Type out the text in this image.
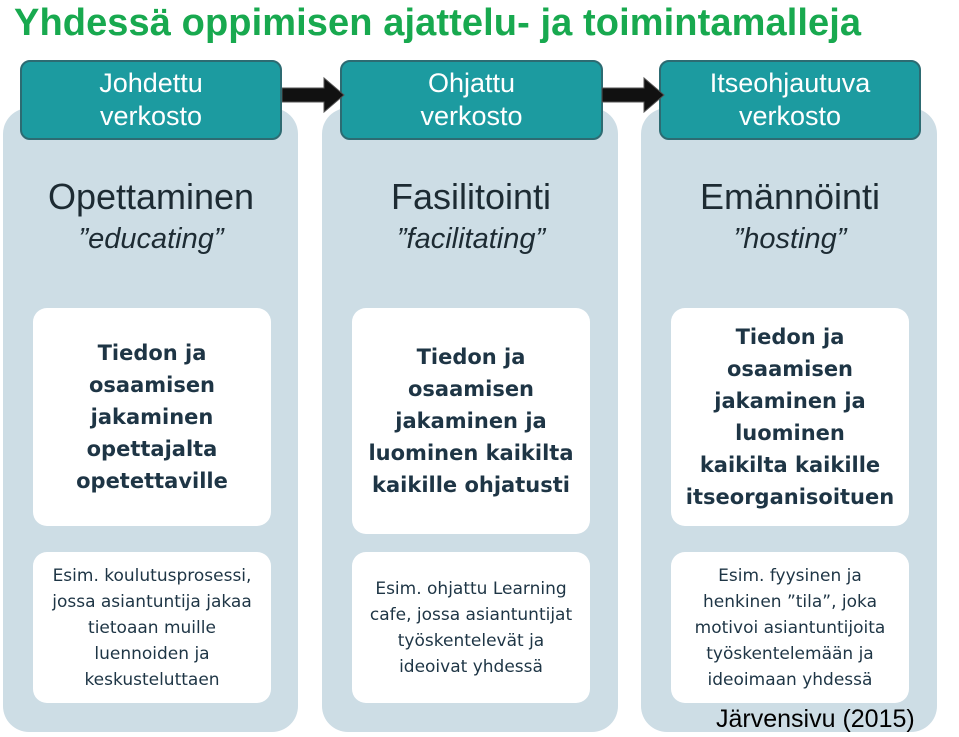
Yhdessä oppimisen ajattelu- ja toimintamalleja
Johdettu
verkosto
Ohjattu
verkosto
Itseohjautuva
verkosto
Opettaminen
”educating”
Fasilitointi
”facilitating”
Emännöinti
”hosting”
Tiedon ja
osaamisen
jakaminen
opettajalta
opetettaville
Tiedon ja
osaamisen
jakaminen ja
luominen kaikilta
kaikille ohjatusti
Tiedon ja
osaamisen
jakaminen ja
luominen
kaikilta kaikille
itseorganisoituen
Esim. koulutusprosessi,
jossa asiantuntija jakaa
tietoaan muille
luennoiden ja
keskusteluttaen
Esim. ohjattu Learning
cafe, jossa asiantuntijat
työskentelevät ja
ideoivat yhdessä
Esim. fyysinen ja
henkinen ”tila”, joka
motivoi asiantuntijoita
työskentelemään ja
ideoimaan yhdessä
Järvensivu (2015)
